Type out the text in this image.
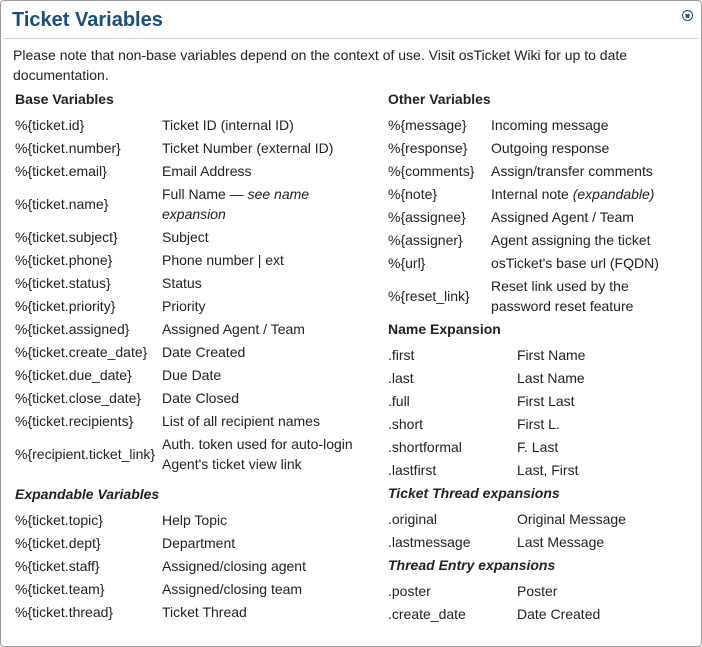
Ticket Variables
Please note that non-base variables depend on the context of use. Visit osTicket Wiki for up to date documentation.
Base Variables
%{ticket.id}	Ticket ID (internal ID)
%{ticket.number}	Ticket Number (external ID)
%{ticket.email}	Email Address
%{ticket.name}	Full Name — see name expansion
%{ticket.subject}	Subject
%{ticket.phone}	Phone number | ext
%{ticket.status}	Status
%{ticket.priority}	Priority
%{ticket.assigned}	Assigned Agent / Team
%{ticket.create_date}	Date Created
%{ticket.due_date}	Due Date
%{ticket.close_date}	Date Closed
%{ticket.recipients}	List of all recipient names
%{recipient.ticket_link}	Auth. token used for auto-login Agent's ticket view link
Expandable Variables
%{ticket.topic}	Help Topic
%{ticket.dept}	Department
%{ticket.staff}	Assigned/closing agent
%{ticket.team}	Assigned/closing team
%{ticket.thread}	Ticket Thread
Other Variables
%{message}	Incoming message
%{response}	Outgoing response
%{comments}	Assign/transfer comments
%{note}	Internal note (expandable)
%{assignee}	Assigned Agent / Team
%{assigner}	Agent assigning the ticket
%{url}	osTicket's base url (FQDN)
%{reset_link}	Reset link used by the password reset feature
Name Expansion
.first	First Name
.last	Last Name
.full	First Last
.short	First L.
.shortformal	F. Last
.lastfirst	Last, First
Ticket Thread expansions
.original	Original Message
.lastmessage	Last Message
Thread Entry expansions
.poster	Poster
.create_date	Date Created
